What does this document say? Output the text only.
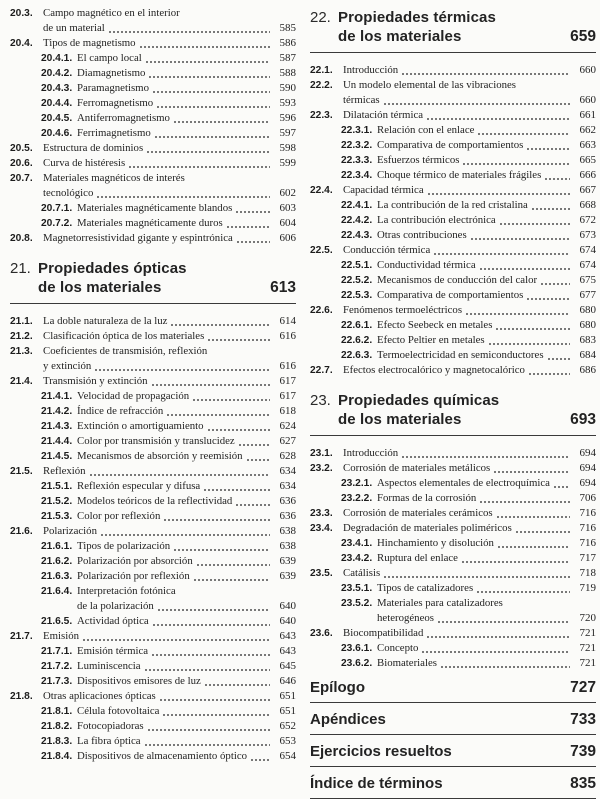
20.3. Campo magnético en el interior
de un material	585
20.4. Tipos de magnetismo	586
20.4.1. El campo local	587
20.4.2. Diamagnetismo	588
20.4.3. Paramagnetismo	590
20.4.4. Ferromagnetismo	593
20.4.5. Antiferromagnetismo	596
20.4.6. Ferrimagnetismo	597
20.5. Estructura de dominios	598
20.6. Curva de histéresis	599
20.7. Materiales magnéticos de interés
tecnológico	602
20.7.1. Materiales magnéticamente blandos	603
20.7.2. Materiales magnéticamente duros	604
20.8. Magnetorresistividad gigante y espintrónica	606
21. Propiedades ópticas
de los materiales	613
21.1. La doble naturaleza de la luz	614
21.2. Clasificación óptica de los materiales	616
21.3. Coeficientes de transmisión, reflexión
y extinción	616
21.4. Transmisión y extinción	617
21.4.1. Velocidad de propagación	617
21.4.2. Índice de refracción	618
21.4.3. Extinción o amortiguamiento	624
21.4.4. Color por transmisión y translucidez	627
21.4.5. Mecanismos de absorción y reemisión	628
21.5. Reflexión	634
21.5.1. Reflexión especular y difusa	634
21.5.2. Modelos teóricos de la reflectividad	636
21.5.3. Color por reflexión	636
21.6. Polarización	638
21.6.1. Tipos de polarización	638
21.6.2. Polarización por absorción	639
21.6.3. Polarización por reflexión	639
21.6.4. Interpretación fotónica
de la polarización	640
21.6.5. Actividad óptica	640
21.7. Emisión	643
21.7.1. Emisión térmica	643
21.7.2. Luminiscencia	645
21.7.3. Dispositivos emisores de luz	646
21.8. Otras aplicaciones ópticas	651
21.8.1. Célula fotovoltaica	651
21.8.2. Fotocopiadoras	652
21.8.3. La fibra óptica	653
21.8.4. Dispositivos de almacenamiento óptico	654
22. Propiedades térmicas
de los materiales	659
22.1. Introducción	660
22.2. Un modelo elemental de las vibraciones
térmicas	660
22.3. Dilatación térmica	661
22.3.1. Relación con el enlace	662
22.3.2. Comparativa de comportamientos	663
22.3.3. Esfuerzos térmicos	665
22.3.4. Choque térmico de materiales frágiles	666
22.4. Capacidad térmica	667
22.4.1. La contribución de la red cristalina	668
22.4.2. La contribución electrónica	672
22.4.3. Otras contribuciones	673
22.5. Conducción térmica	674
22.5.1. Conductividad térmica	674
22.5.2. Mecanismos de conducción del calor	675
22.5.3. Comparativa de comportamientos	677
22.6. Fenómenos termoeléctricos	680
22.6.1. Efecto Seebeck en metales	680
22.6.2. Efecto Peltier en metales	683
22.6.3. Termoelectricidad en semiconductores	684
22.7. Efectos electrocalórico y magnetocalórico	686
23. Propiedades químicas
de los materiales	693
23.1. Introducción	694
23.2. Corrosión de materiales metálicos	694
23.2.1. Aspectos elementales de electroquímica	694
23.2.2. Formas de la corrosión	706
23.3. Corrosión de materiales cerámicos	716
23.4. Degradación de materiales poliméricos	716
23.4.1. Hinchamiento y disolución	716
23.4.2. Ruptura del enlace	717
23.5. Catálisis	718
23.5.1. Tipos de catalizadores	719
23.5.2. Materiales para catalizadores
heterogéneos	720
23.6. Biocompatibilidad	721
23.6.1. Concepto	721
23.6.2. Biomateriales	721
Epílogo	727
Apéndices	733
Ejercicios resueltos	739
Índice de términos	835
